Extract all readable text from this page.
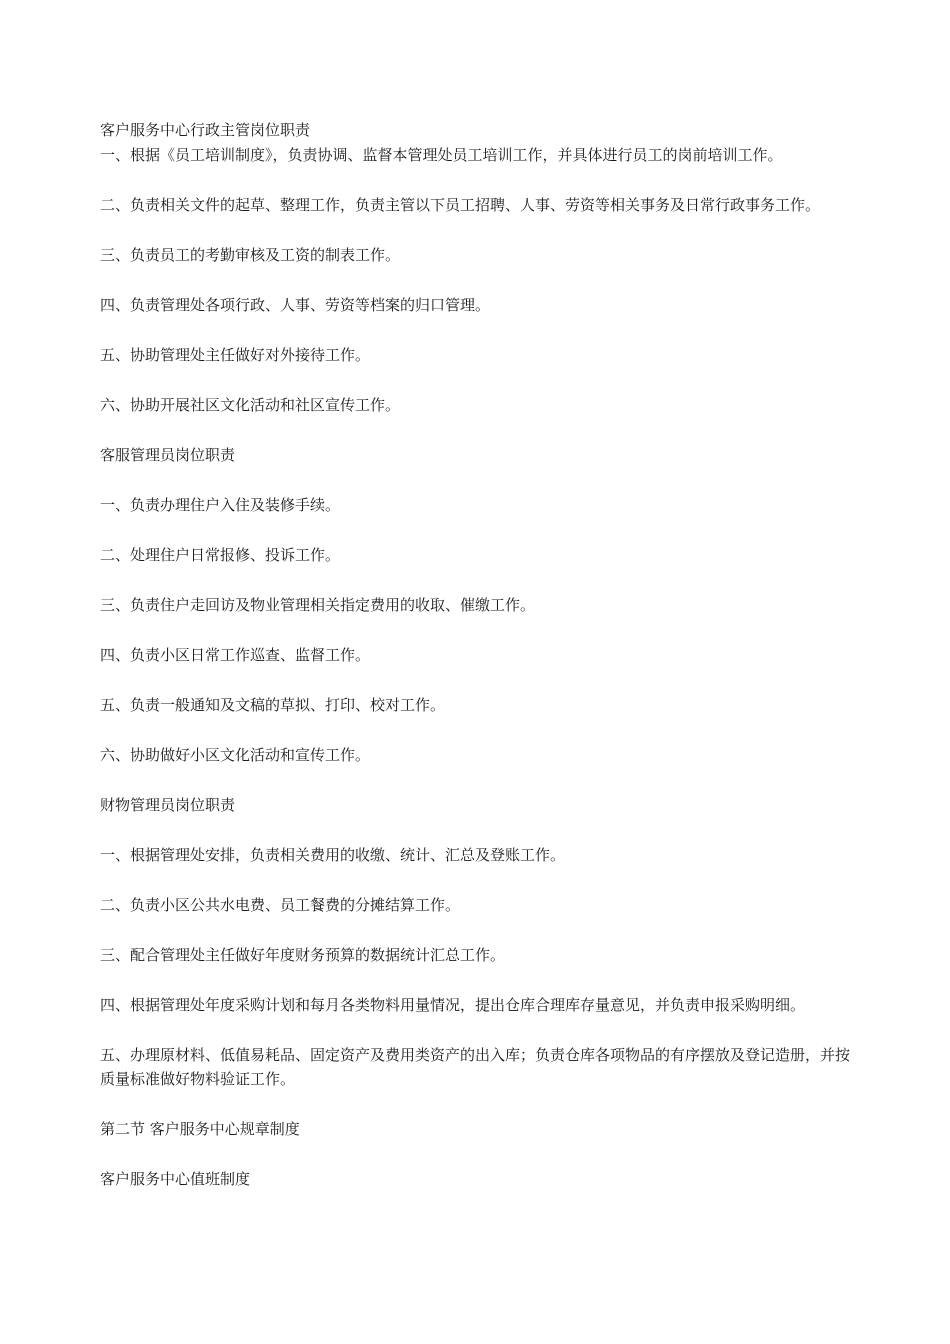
客户服务中心行政主管岗位职责
一、根据《员工培训制度》，负责协调、监督本管理处员工培训工作，并具体进行员工的岗前培训工作。
二、负责相关文件的起草、整理工作，负责主管以下员工招聘、人事、劳资等相关事务及日常行政事务工作。
三、负责员工的考勤审核及工资的制表工作。
四、负责管理处各项行政、人事、劳资等档案的归口管理。
五、协助管理处主任做好对外接待工作。
六、协助开展社区文化活动和社区宣传工作。
客服管理员岗位职责
一、负责办理住户入住及装修手续。
二、处理住户日常报修、投诉工作。
三、负责住户走回访及物业管理相关指定费用的收取、催缴工作。
四、负责小区日常工作巡查、监督工作。
五、负责一般通知及文稿的草拟、打印、校对工作。
六、协助做好小区文化活动和宣传工作。
财物管理员岗位职责
一、根据管理处安排，负责相关费用的收缴、统计、汇总及登账工作。
二、负责小区公共水电费、员工餐费的分摊结算工作。
三、配合管理处主任做好年度财务预算的数据统计汇总工作。
四、根据管理处年度采购计划和每月各类物料用量情况，提出仓库合理库存量意见，并负责申报采购明细。
五、办理原材料、低值易耗品、固定资产及费用类资产的出入库；负责仓库各项物品的有序摆放及登记造册，并按质量标准做好物料验证工作。
第二节 客户服务中心规章制度
客户服务中心值班制度
